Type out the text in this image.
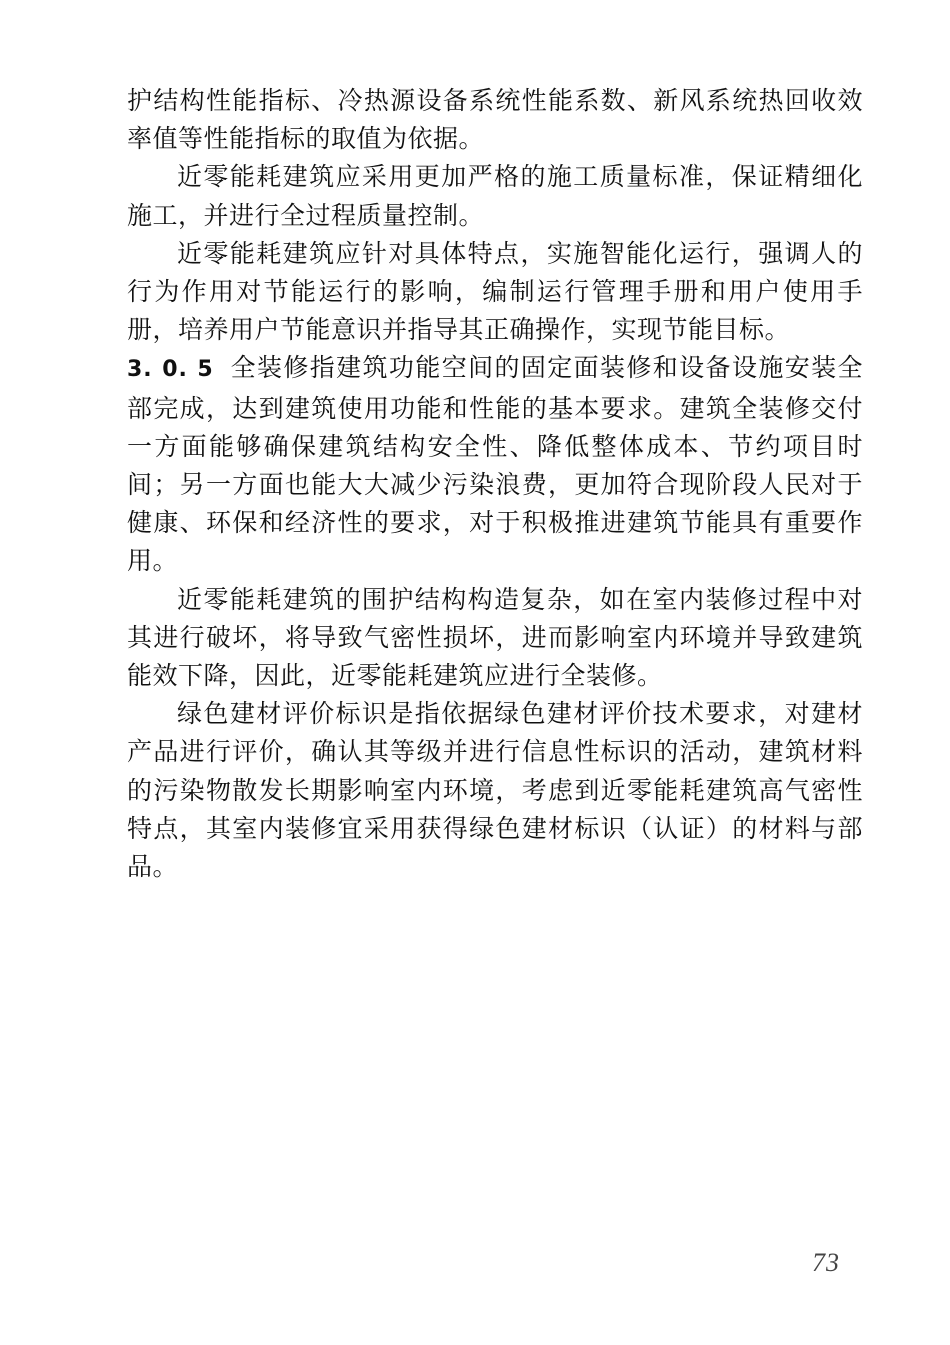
护结构性能指标、冷热源设备系统性能系数、新风系统热回收效率值等性能指标的取值为依据。

近零能耗建筑应采用更加严格的施工质量标准，保证精细化施工，并进行全过程质量控制。

近零能耗建筑应针对具体特点，实施智能化运行，强调人的行为作用对节能运行的影响，编制运行管理手册和用户使用手册，培养用户节能意识并指导其正确操作，实现节能目标。

3. 0. 5 全装修指建筑功能空间的固定面装修和设备设施安装全部完成，达到建筑使用功能和性能的基本要求。建筑全装修交付一方面能够确保建筑结构安全性、降低整体成本、节约项目时间；另一方面也能大大减少污染浪费，更加符合现阶段人民对于健康、环保和经济性的要求，对于积极推进建筑节能具有重要作用。

近零能耗建筑的围护结构构造复杂，如在室内装修过程中对其进行破坏，将导致气密性损坏，进而影响室内环境并导致建筑能效下降，因此，近零能耗建筑应进行全装修。

绿色建材评价标识是指依据绿色建材评价技术要求，对建材产品进行评价，确认其等级并进行信息性标识的活动，建筑材料的污染物散发长期影响室内环境，考虑到近零能耗建筑高气密性特点，其室内装修宜采用获得绿色建材标识（认证）的材料与部品。

73
